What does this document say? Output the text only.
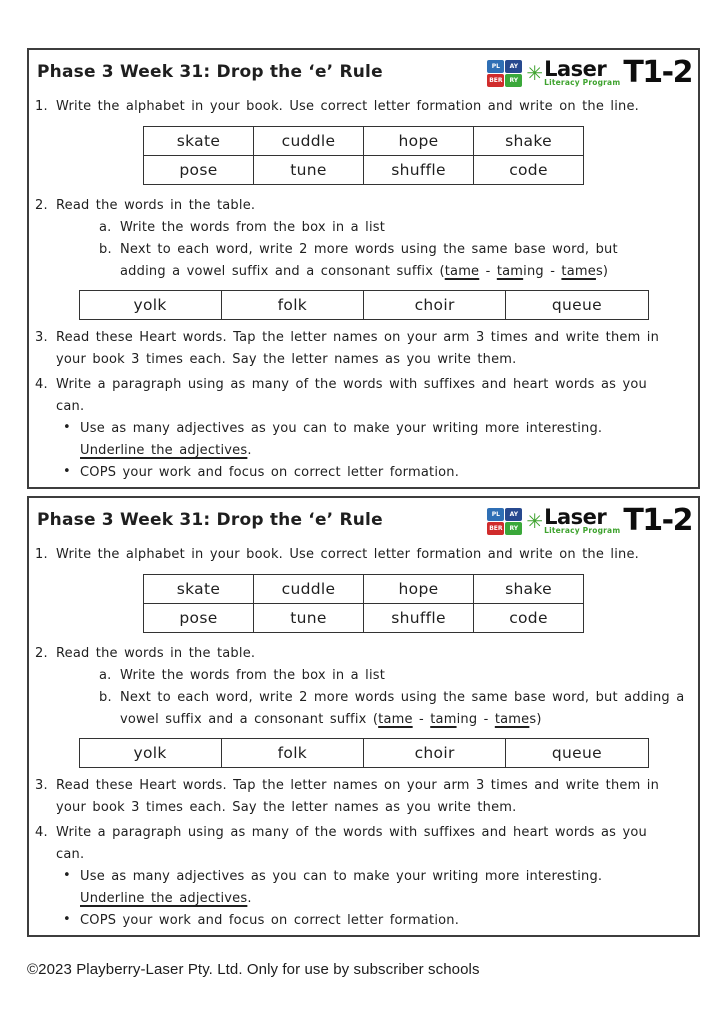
Phase 3 Week 31: Drop the ‘e’ Rule	PL	AY
BER	RY ✳ Laser
Literacy Program T1-2
1. Write the alphabet in your book. Use correct letter formation and write on the line.
skate	cuddle	hope	shake
pose	tune	shuffle	code
2. Read the words in the table.
a. Write the words from the box in a list
b. Next to each word, write 2 more words using the same base word, but
adding a vowel suffix and a consonant suffix (tame - taming - tames)
yolk	folk	choir	queue
3. Read these Heart words. Tap the letter names on your arm 3 times and write them in
your book 3 times each. Say the letter names as you write them.
4. Write a paragraph using as many of the words with suffixes and heart words as you
can.
• Use as many adjectives as you can to make your writing more interesting.
Underline the adjectives.
• COPS your work and focus on correct letter formation.
Phase 3 Week 31: Drop the ‘e’ Rule	PL	AY
BER	RY ✳ Laser
Literacy Program T1-2
1. Write the alphabet in your book. Use correct letter formation and write on the line.
skate	cuddle	hope	shake
pose	tune	shuffle	code
2. Read the words in the table.
a. Write the words from the box in a list
b. Next to each word, write 2 more words using the same base word, but adding a
vowel suffix and a consonant suffix (tame - taming - tames)
yolk	folk	choir	queue
3. Read these Heart words. Tap the letter names on your arm 3 times and write them in
your book 3 times each. Say the letter names as you write them.
4. Write a paragraph using as many of the words with suffixes and heart words as you
can.
• Use as many adjectives as you can to make your writing more interesting.
Underline the adjectives.
• COPS your work and focus on correct letter formation.
©2023 Playberry-Laser Pty. Ltd. Only for use by subscriber schools
